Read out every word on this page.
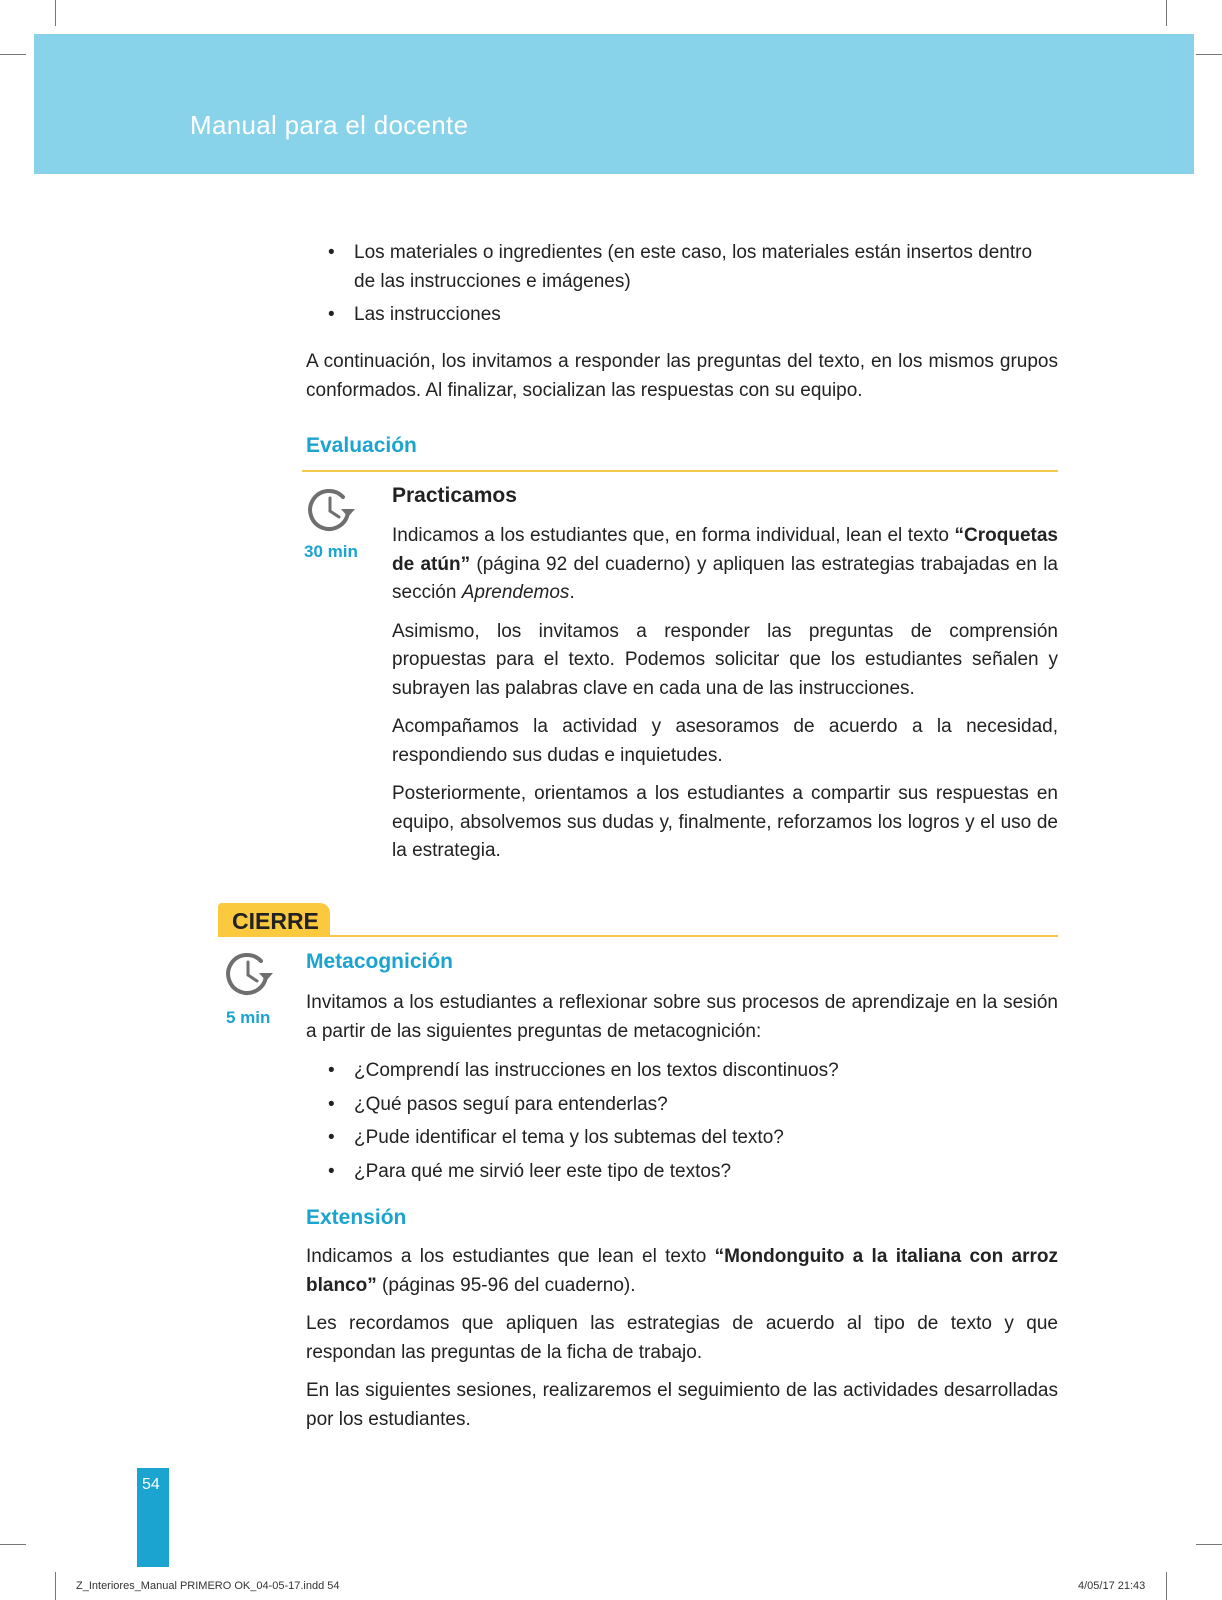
Manual para el docente
• Los materiales o ingredientes (en este caso, los materiales están insertos dentro de las instrucciones e imágenes)
• Las instrucciones
A continuación, los invitamos a responder las preguntas del texto, en los mismos grupos conformados. Al finalizar, socializan las respuestas con su equipo.
Evaluación
30 min
Practicamos

Indicamos a los estudiantes que, en forma individual, lean el texto “Croquetas de atún” (página 92 del cuaderno) y apliquen las estrategias trabajadas en la sección Aprendemos.

Asimismo, los invitamos a responder las preguntas de comprensión propuestas para el texto. Podemos solicitar que los estudiantes señalen y subrayen las palabras clave en cada una de las instrucciones.

Acompañamos la actividad y asesoramos de acuerdo a la necesidad, respondiendo sus dudas e inquietudes.

Posteriormente, orientamos a los estudiantes a compartir sus respuestas en equipo, absolvemos sus dudas y, finalmente, reforzamos los logros y el uso de la estrategia.

CIERRE
5 min
Metacognición
Invitamos a los estudiantes a reflexionar sobre sus procesos de aprendizaje en la sesión a partir de las siguientes preguntas de metacognición:
• ¿Comprendí las instrucciones en los textos discontinuos?
• ¿Qué pasos seguí para entenderlas?
• ¿Pude identificar el tema y los subtemas del texto?
• ¿Para qué me sirvió leer este tipo de textos?
Extensión

Indicamos a los estudiantes que lean el texto “Mondonguito a la italiana con arroz blanco” (páginas 95-96 del cuaderno).

Les recordamos que apliquen las estrategias de acuerdo al tipo de texto y que respondan las preguntas de la ficha de trabajo.

En las siguientes sesiones, realizaremos el seguimiento de las actividades desarrolladas por los estudiantes.

54
Z_Interiores_Manual PRIMERO OK_04-05-17.indd 54	4/05/17 21:43
